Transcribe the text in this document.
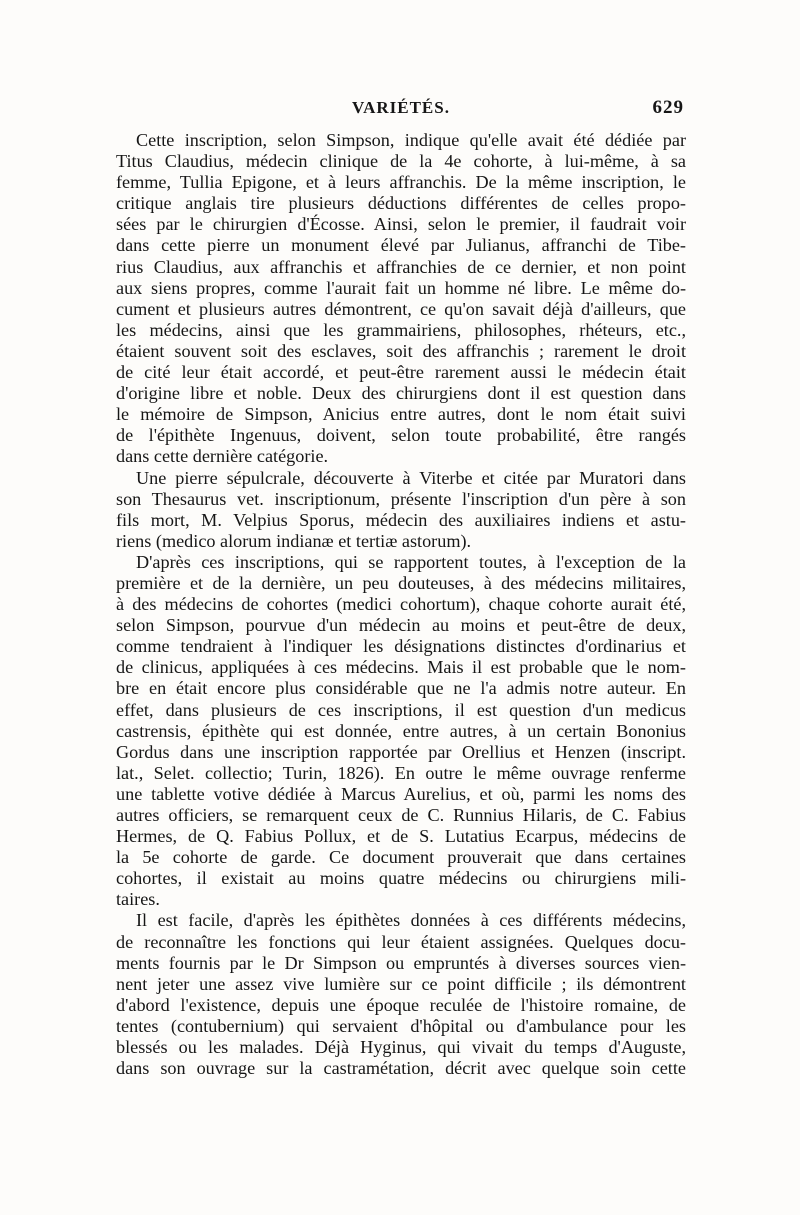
VARIÉTÉS.	629
Cette inscription, selon Simpson, indique qu'elle avait été dédiée par
Titus Claudius, médecin clinique de la 4e cohorte, à lui-même, à sa
femme, Tullia Epigone, et à leurs affranchis. De la même inscription, le
critique anglais tire plusieurs déductions différentes de celles propo-
sées par le chirurgien d'Écosse. Ainsi, selon le premier, il faudrait voir
dans cette pierre un monument élevé par Julianus, affranchi de Tibe-
rius Claudius, aux affranchis et affranchies de ce dernier, et non point
aux siens propres, comme l'aurait fait un homme né libre. Le même do-
cument et plusieurs autres démontrent, ce qu'on savait déjà d'ailleurs, que
les médecins, ainsi que les grammairiens, philosophes, rhéteurs, etc.,
étaient souvent soit des esclaves, soit des affranchis ; rarement le droit
de cité leur était accordé, et peut-être rarement aussi le médecin était
d'origine libre et noble. Deux des chirurgiens dont il est question dans
le mémoire de Simpson, Anicius entre autres, dont le nom était suivi
de l'épithète Ingenuus, doivent, selon toute probabilité, être rangés
dans cette dernière catégorie.
Une pierre sépulcrale, découverte à Viterbe et citée par Muratori dans
son Thesaurus vet. inscriptionum, présente l'inscription d'un père à son
fils mort, M. Velpius Sporus, médecin des auxiliaires indiens et astu-
riens (medico alorum indianæ et tertiæ astorum).
D'après ces inscriptions, qui se rapportent toutes, à l'exception de la
première et de la dernière, un peu douteuses, à des médecins militaires,
à des médecins de cohortes (medici cohortum), chaque cohorte aurait été,
selon Simpson, pourvue d'un médecin au moins et peut-être de deux,
comme tendraient à l'indiquer les désignations distinctes d'ordinarius et
de clinicus, appliquées à ces médecins. Mais il est probable que le nom-
bre en était encore plus considérable que ne l'a admis notre auteur. En
effet, dans plusieurs de ces inscriptions, il est question d'un medicus
castrensis, épithète qui est donnée, entre autres, à un certain Bononius
Gordus dans une inscription rapportée par Orellius et Henzen (inscript.
lat., Selet. collectio; Turin, 1826). En outre le même ouvrage renferme
une tablette votive dédiée à Marcus Aurelius, et où, parmi les noms des
autres officiers, se remarquent ceux de C. Runnius Hilaris, de C. Fabius
Hermes, de Q. Fabius Pollux, et de S. Lutatius Ecarpus, médecins de
la 5e cohorte de garde. Ce document prouverait que dans certaines
cohortes, il existait au moins quatre médecins ou chirurgiens mili-
taires.
Il est facile, d'après les épithètes données à ces différents médecins,
de reconnaître les fonctions qui leur étaient assignées. Quelques docu-
ments fournis par le Dr Simpson ou empruntés à diverses sources vien-
nent jeter une assez vive lumière sur ce point difficile ; ils démontrent
d'abord l'existence, depuis une époque reculée de l'histoire romaine, de
tentes (contubernium) qui servaient d'hôpital ou d'ambulance pour les
blessés ou les malades. Déjà Hyginus, qui vivait du temps d'Auguste,
dans son ouvrage sur la castramétation, décrit avec quelque soin cette
